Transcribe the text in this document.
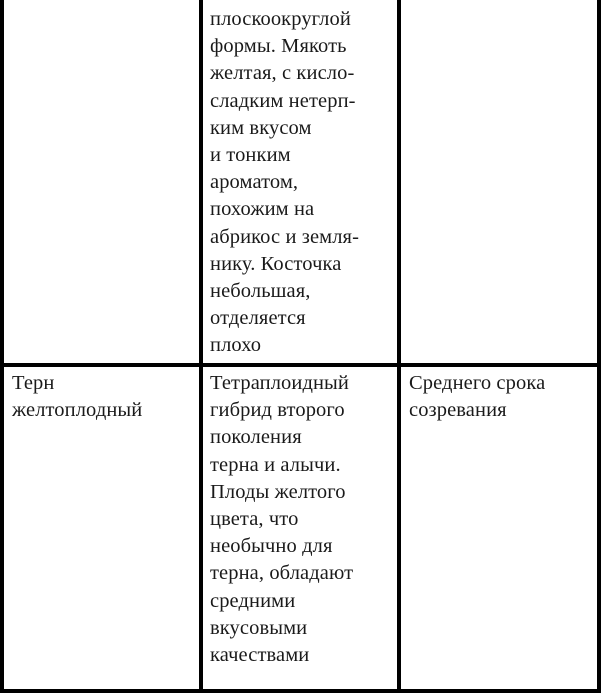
плоскоокруглой
формы. Мякоть
желтая, с кисло-
сладким нетерп-
ким вкусом
и тонким
ароматом,
похожим на
абрикос и земля-
нику. Косточка
небольшая,
отделяется
плохо
Терн
желтоплодный
Тетраплоидный
гибрид второго
поколения
терна и алычи.
Плоды желтого
цвета, что
необычно для
терна, обладают
средними
вкусовыми
качествами
Среднего срока
созревания
